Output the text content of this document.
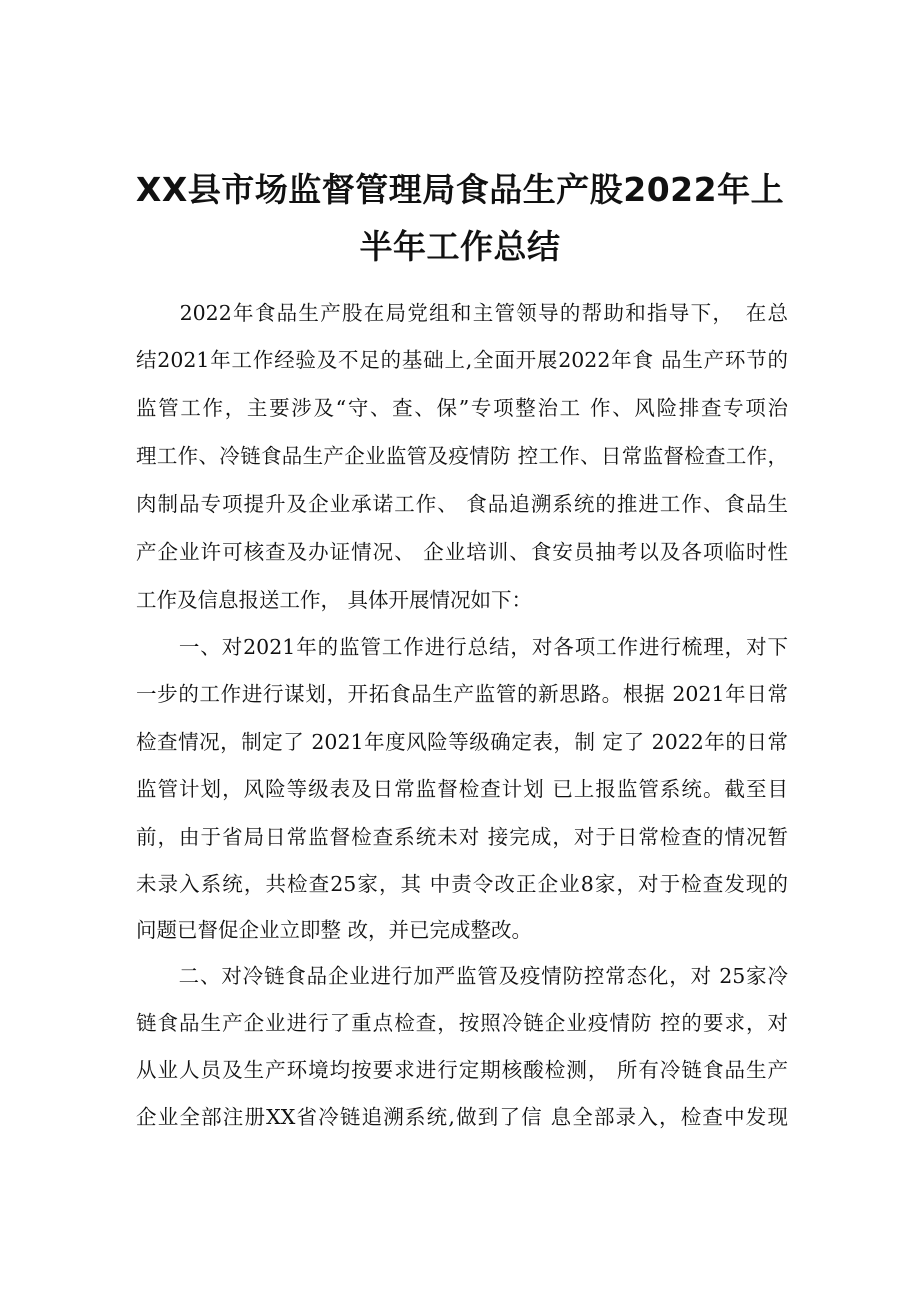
XX县市场监督管理局食品生产股2022年上
半年工作总结
　　2022年食品生产股在局党组和主管领导的帮助和指导下，　在总
结2021年工作经验及不足的基础上,全面开展2022年食 品生产环节的
监管工作，主要涉及“守、查、保”专项整治工 作、风险排查专项治
理工作、冷链食品生产企业监管及疫情防 控工作、日常监督检查工作，
肉制品专项提升及企业承诺工作、 食品追溯系统的推进工作、食品生
产企业许可核查及办证情况、 企业培训、食安员抽考以及各项临时性
工作及信息报送工作， 具体开展情况如下：
　　一、对2021年的监管工作进行总结，对各项工作进行梳理，对下
一步的工作进行谋划，开拓食品生产监管的新思路。根据 2021年日常
检查情况，制定了 2021年度风险等级确定表，制 定了 2022年的日常
监管计划，风险等级表及日常监督检查计划 已上报监管系统。截至目
前，由于省局日常监督检查系统未对 接完成，对于日常检查的情况暂
未录入系统，共检查25家，其 中责令改正企业8家，对于检查发现的
问题已督促企业立即整 改，并已完成整改。
　　二、对冷链食品企业进行加严监管及疫情防控常态化，对 25家冷
链食品生产企业进行了重点检查，按照冷链企业疫情防 控的要求，对
从业人员及生产环境均按要求进行定期核酸检测， 所有冷链食品生产
企业全部注册XX省冷链追溯系统,做到了信 息全部录入，检查中发现
